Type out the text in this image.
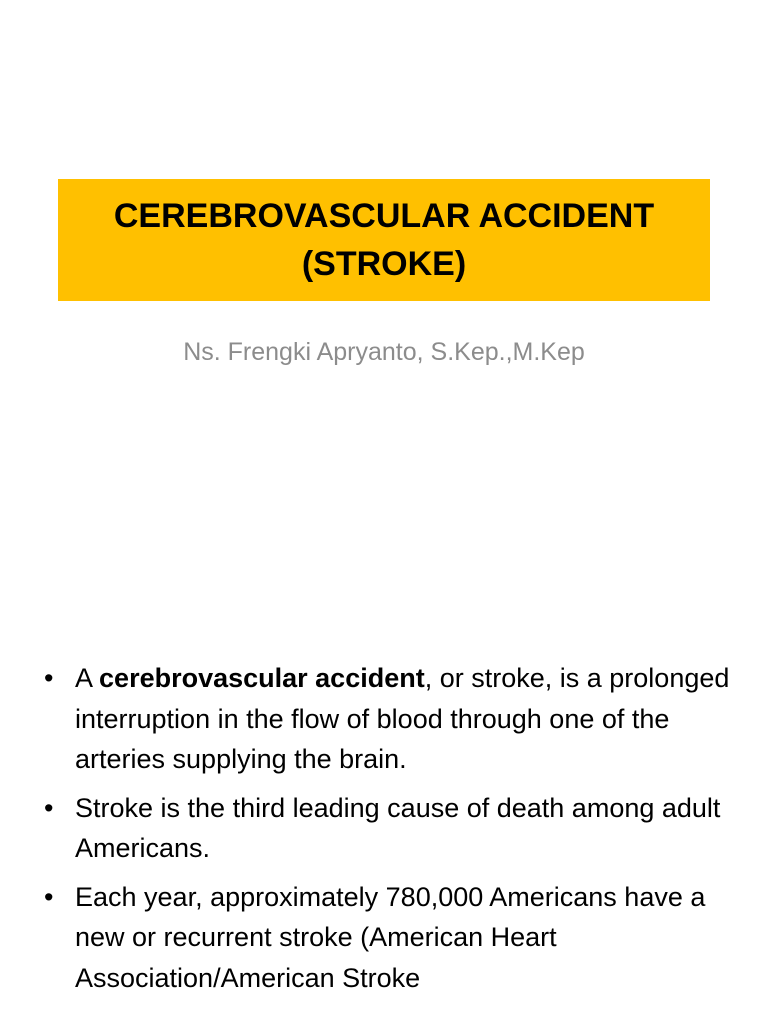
CEREBROVASCULAR ACCIDENT
(STROKE)
Ns. Frengki Apryanto, S.Kep.,M.Kep
• A cerebrovascular accident, or stroke, is a prolonged interruption in the flow of blood through one of the arteries supplying the brain.
• Stroke is the third leading cause of death among adult Americans.
• Each year, approximately 780,000 Americans have a new or recurrent stroke (American Heart Association/American Stroke
